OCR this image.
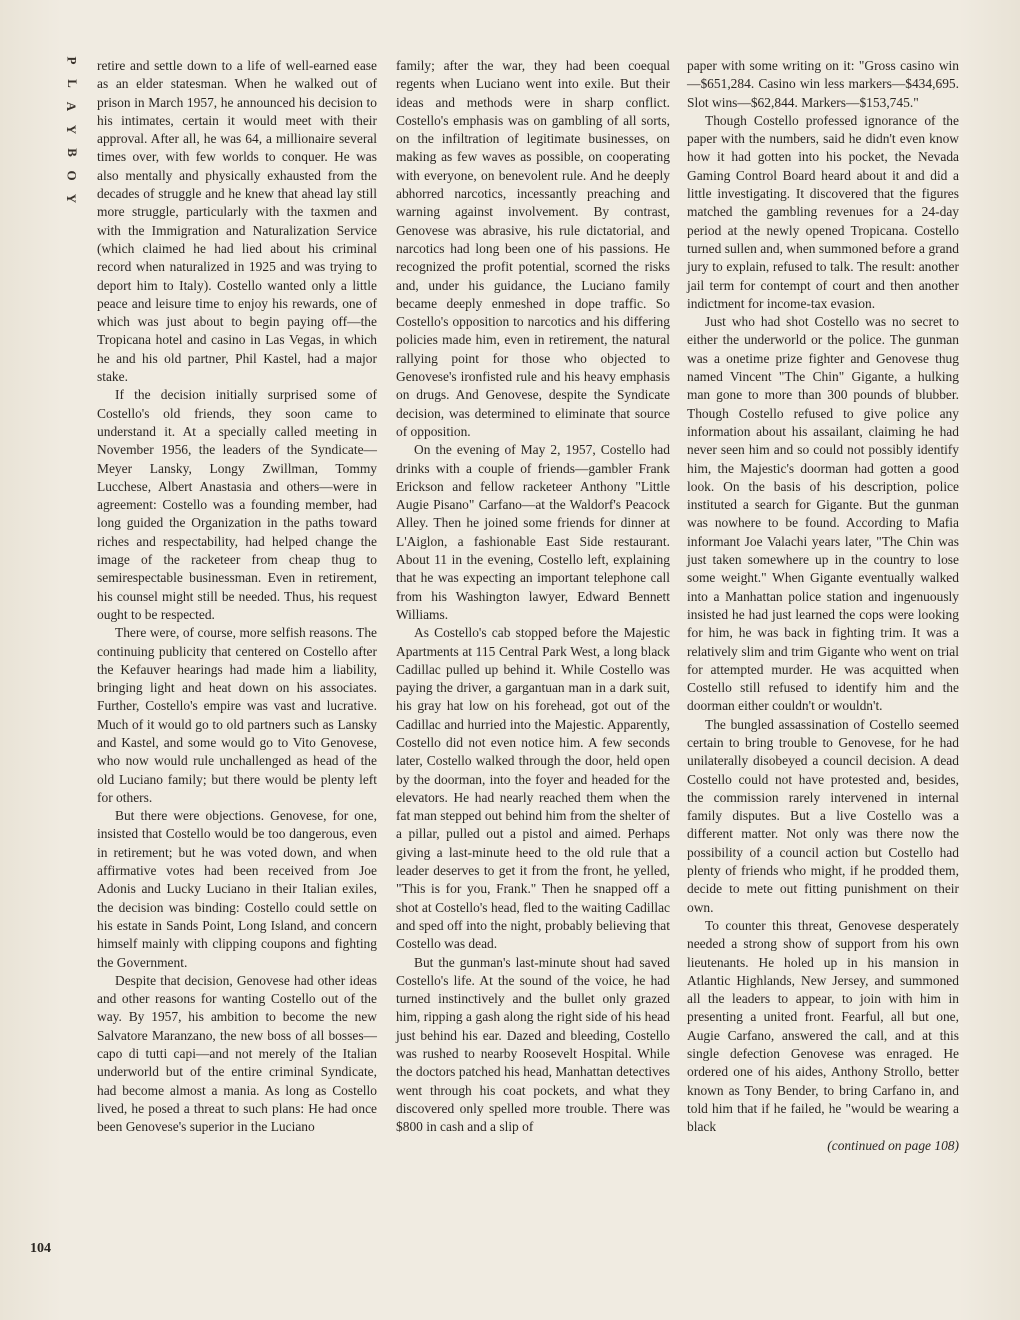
P
L
A
Y
B
O
Y

retire and settle down to a life of well-earned ease as an elder statesman. When he walked out of prison in March 1957, he announced his decision to his intimates, certain it would meet with their approval. After all, he was 64, a millionaire several times over, with few worlds to conquer. He was also mentally and physically exhausted from the decades of struggle and he knew that ahead lay still more struggle, particularly with the taxmen and with the Immigration and Naturalization Service (which claimed he had lied about his criminal record when naturalized in 1925 and was trying to deport him to Italy). Costello wanted only a little peace and leisure time to enjoy his rewards, one of which was just about to begin paying off—the Tropicana hotel and casino in Las Vegas, in which he and his old partner, Phil Kastel, had a major stake.

If the decision initially surprised some of Costello's old friends, they soon came to understand it. At a specially called meeting in November 1956, the leaders of the Syndicate—Meyer Lansky, Longy Zwillman, Tommy Lucchese, Albert Anastasia and others—were in agreement: Costello was a founding member, had long guided the Organization in the paths toward riches and respectability, had helped change the image of the racketeer from cheap thug to semirespectable businessman. Even in retirement, his counsel might still be needed. Thus, his request ought to be respected.

There were, of course, more selfish reasons. The continuing publicity that centered on Costello after the Kefauver hearings had made him a liability, bringing light and heat down on his associates. Further, Costello's empire was vast and lucrative. Much of it would go to old partners such as Lansky and Kastel, and some would go to Vito Genovese, who now would rule unchallenged as head of the old Luciano family; but there would be plenty left for others.

But there were objections. Genovese, for one, insisted that Costello would be too dangerous, even in retirement; but he was voted down, and when affirmative votes had been received from Joe Adonis and Lucky Luciano in their Italian exiles, the decision was binding: Costello could settle on his estate in Sands Point, Long Island, and concern himself mainly with clipping coupons and fighting the Government.

Despite that decision, Genovese had other ideas and other reasons for wanting Costello out of the way. By 1957, his ambition to become the new Salvatore Maranzano, the new boss of all bosses—capo di tutti capi—and not merely of the Italian underworld but of the entire criminal Syndicate, had become almost a mania. As long as Costello lived, he posed a threat to such plans: He had once been Genovese's superior in the Luciano

family; after the war, they had been coequal regents when Luciano went into exile. But their ideas and methods were in sharp conflict. Costello's emphasis was on gambling of all sorts, on the infiltration of legitimate businesses, on making as few waves as possible, on cooperating with everyone, on benevolent rule. And he deeply abhorred narcotics, incessantly preaching and warning against involvement. By contrast, Genovese was abrasive, his rule dictatorial, and narcotics had long been one of his passions. He recognized the profit potential, scorned the risks and, under his guidance, the Luciano family became deeply enmeshed in dope traffic. So Costello's opposition to narcotics and his differing policies made him, even in retirement, the natural rallying point for those who objected to Genovese's ironfisted rule and his heavy emphasis on drugs. And Genovese, despite the Syndicate decision, was determined to eliminate that source of opposition.

On the evening of May 2, 1957, Costello had drinks with a couple of friends—gambler Frank Erickson and fellow racketeer Anthony "Little Augie Pisano" Carfano—at the Waldorf's Peacock Alley. Then he joined some friends for dinner at L'Aiglon, a fashionable East Side restaurant. About 11 in the evening, Costello left, explaining that he was expecting an important telephone call from his Washington lawyer, Edward Bennett Williams.

As Costello's cab stopped before the Majestic Apartments at 115 Central Park West, a long black Cadillac pulled up behind it. While Costello was paying the driver, a gargantuan man in a dark suit, his gray hat low on his forehead, got out of the Cadillac and hurried into the Majestic. Apparently, Costello did not even notice him. A few seconds later, Costello walked through the door, held open by the doorman, into the foyer and headed for the elevators. He had nearly reached them when the fat man stepped out behind him from the shelter of a pillar, pulled out a pistol and aimed. Perhaps giving a last-minute heed to the old rule that a leader deserves to get it from the front, he yelled, "This is for you, Frank." Then he snapped off a shot at Costello's head, fled to the waiting Cadillac and sped off into the night, probably believing that Costello was dead.

But the gunman's last-minute shout had saved Costello's life. At the sound of the voice, he had turned instinctively and the bullet only grazed him, ripping a gash along the right side of his head just behind his ear. Dazed and bleeding, Costello was rushed to nearby Roosevelt Hospital. While the doctors patched his head, Manhattan detectives went through his coat pockets, and what they discovered only spelled more trouble. There was $800 in cash and a slip of

paper with some writing on it: "Gross casino win—$651,284. Casino win less markers—$434,695. Slot wins—$62,844. Markers—$153,745."

Though Costello professed ignorance of the paper with the numbers, said he didn't even know how it had gotten into his pocket, the Nevada Gaming Control Board heard about it and did a little investigating. It discovered that the figures matched the gambling revenues for a 24-day period at the newly opened Tropicana. Costello turned sullen and, when summoned before a grand jury to explain, refused to talk. The result: another jail term for contempt of court and then another indictment for income-tax evasion.

Just who had shot Costello was no secret to either the underworld or the police. The gunman was a onetime prize fighter and Genovese thug named Vincent "The Chin" Gigante, a hulking man gone to more than 300 pounds of blubber. Though Costello refused to give police any information about his assailant, claiming he had never seen him and so could not possibly identify him, the Majestic's doorman had gotten a good look. On the basis of his description, police instituted a search for Gigante. But the gunman was nowhere to be found. According to Mafia informant Joe Valachi years later, "The Chin was just taken somewhere up in the country to lose some weight." When Gigante eventually walked into a Manhattan police station and ingenuously insisted he had just learned the cops were looking for him, he was back in fighting trim. It was a relatively slim and trim Gigante who went on trial for attempted murder. He was acquitted when Costello still refused to identify him and the doorman either couldn't or wouldn't.

The bungled assassination of Costello seemed certain to bring trouble to Genovese, for he had unilaterally disobeyed a council decision. A dead Costello could not have protested and, besides, the commission rarely intervened in internal family disputes. But a live Costello was a different matter. Not only was there now the possibility of a council action but Costello had plenty of friends who might, if he prodded them, decide to mete out fitting punishment on their own.

To counter this threat, Genovese desperately needed a strong show of support from his own lieutenants. He holed up in his mansion in Atlantic Highlands, New Jersey, and summoned all the leaders to appear, to join with him in presenting a united front. Fearful, all but one, Augie Carfano, answered the call, and at this single defection Genovese was enraged. He ordered one of his aides, Anthony Strollo, better known as Tony Bender, to bring Carfano in, and told him that if he failed, he "would be wearing a black

(continued on page 108)

104
